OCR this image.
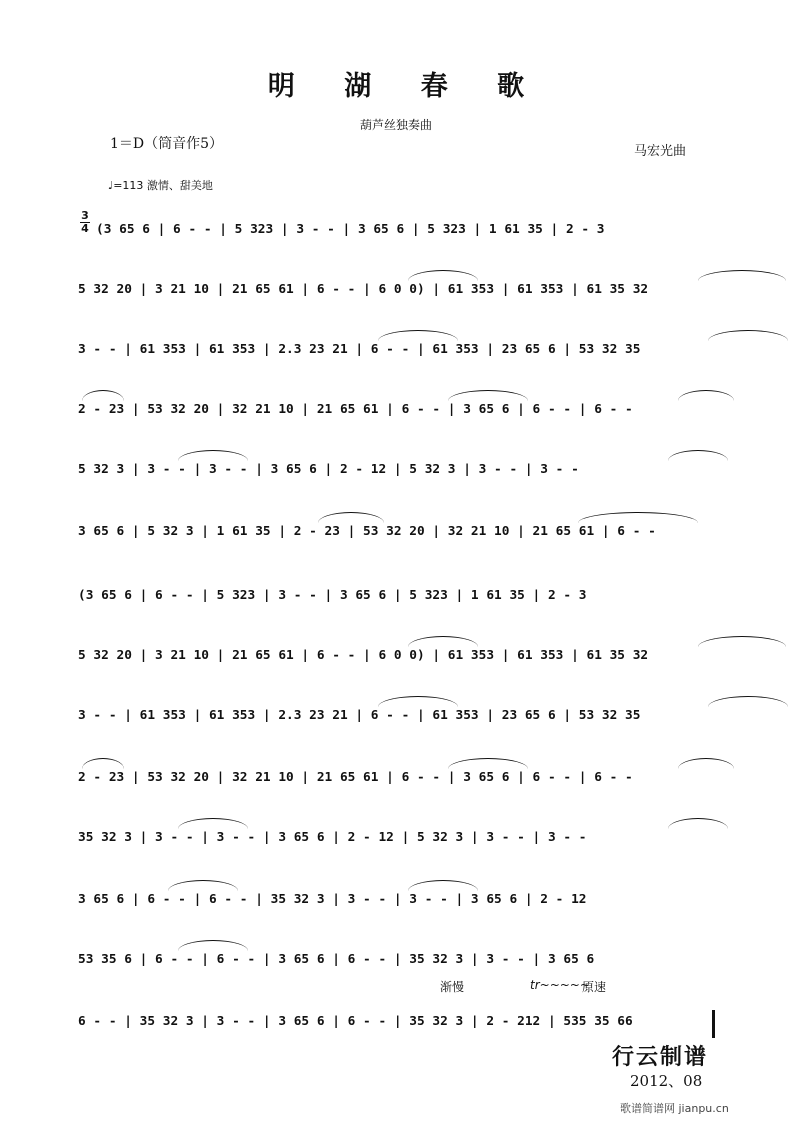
明 湖 春 歌
葫芦丝独奏曲
1＝D（筒音作5）	马宏光曲
♩=113 激情、甜美地
3
4 (3 65 6 | 6 - - | 5 323 | 3 - - | 3 65 6 | 5 323 | 1 61 35 | 2 - 3
5 32 20 | 3 21 10 | 21 65 61 | 6 - - | 6 0 0) | 61 353 | 61 353 | 61 35 32
3 - - | 61 353 | 61 353 | 2.3 23 21 | 6 - - | 61 353 | 23 65 6 | 53 32 35
2 - 23 | 53 32 20 | 32 21 10 | 21 65 61 | 6 - - | 3 65 6 | 6 - - | 6 - -
5 32 3 | 3 - - | 3 - - | 3 65 6 | 2 - 12 | 5 32 3 | 3 - - | 3 - -
3 65 6 | 5 32 3 | 1 61 35 | 2 - 23 | 53 32 20 | 32 21 10 | 21 65 61 | 6 - -
(3 65 6 | 6 - - | 5 323 | 3 - - | 3 65 6 | 5 323 | 1 61 35 | 2 - 3
5 32 20 | 3 21 10 | 21 65 61 | 6 - - | 6 0 0) | 61 353 | 61 353 | 61 35 32
3 - - | 61 353 | 61 353 | 2.3 23 21 | 6 - - | 61 353 | 23 65 6 | 53 32 35
2 - 23 | 53 32 20 | 32 21 10 | 21 65 61 | 6 - - | 3 65 6 | 6 - - | 6 - -
35 32 3 | 3 - - | 3 - - | 3 65 6 | 2 - 12 | 5 32 3 | 3 - - | 3 - -
3 65 6 | 6 - - | 6 - - | 35 32 3 | 3 - - | 3 - - | 3 65 6 | 2 - 12
53 35 6 | 6 - - | 6 - - | 3 65 6 | 6 - - | 35 32 3 | 3 - - | 3 65 6
6 - - | 35 32 3 | 3 - - | 3 65 6 | 6 - - | 35 32 3 | 2 - 212 | 535 35 66
渐慢	tr~~~~~
原速
行云制谱
2012、08
歌谱简谱网 jianpu.cn
